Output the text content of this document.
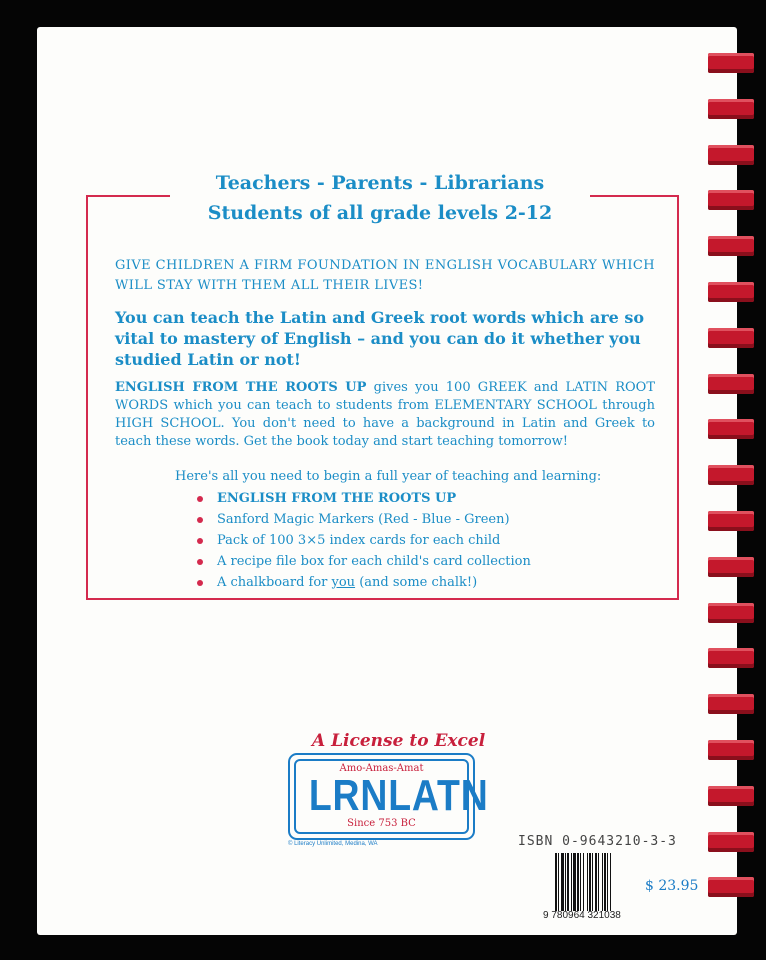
Teachers - Parents - Librarians
Students of all grade levels 2-12
GIVE CHILDREN A FIRM FOUNDATION IN ENGLISH VOCABULARY WHICH WILL STAY WITH THEM ALL THEIR LIVES!
You can teach the Latin and Greek root words which are so vital to mastery of English – and you can do it whether you studied Latin or not!
ENGLISH FROM THE ROOTS UP gives you 100 GREEK and LATIN ROOT WORDS which you can teach to students from ELEMENTARY SCHOOL through HIGH SCHOOL. You don't need to have a background in Latin and Greek to teach these words. Get the book today and start teaching tomorrow!
Here's all you need to begin a full year of teaching and learning:
ENGLISH FROM THE ROOTS UP
Sanford Magic Markers (Red - Blue - Green)
Pack of 100 3×5 index cards for each child
A recipe file box for each child's card collection
A chalkboard for you (and some chalk!)
A License to Excel
Amo-Amas-Amat
LRNLATN
Since 753 BC
© Literacy Unlimited, Medina, WA	ISBN 0-9643210-3-3
9 780964 321038
$ 23.95
